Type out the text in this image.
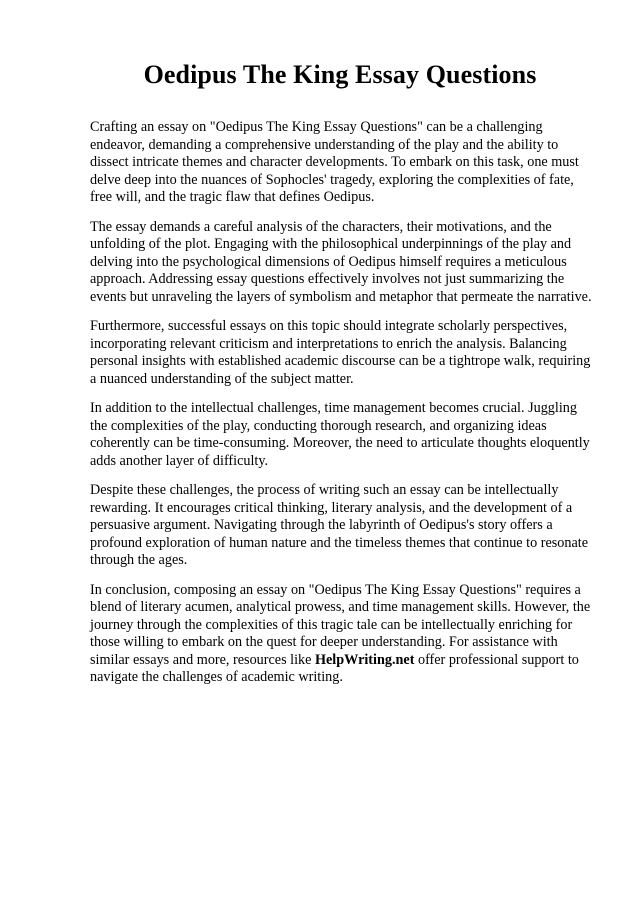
Oedipus The King Essay Questions

Crafting an essay on "Oedipus The King Essay Questions" can be a challenging endeavor, demanding a comprehensive understanding of the play and the ability to dissect intricate themes and character developments. To embark on this task, one must delve deep into the nuances of Sophocles' tragedy, exploring the complexities of fate, free will, and the tragic flaw that defines Oedipus.

The essay demands a careful analysis of the characters, their motivations, and the unfolding of the plot. Engaging with the philosophical underpinnings of the play and delving into the psychological dimensions of Oedipus himself requires a meticulous approach. Addressing essay questions effectively involves not just summarizing the events but unraveling the layers of symbolism and metaphor that permeate the narrative.

Furthermore, successful essays on this topic should integrate scholarly perspectives, incorporating relevant criticism and interpretations to enrich the analysis. Balancing personal insights with established academic discourse can be a tightrope walk, requiring a nuanced understanding of the subject matter.

In addition to the intellectual challenges, time management becomes crucial. Juggling the complexities of the play, conducting thorough research, and organizing ideas coherently can be time-consuming. Moreover, the need to articulate thoughts eloquently adds another layer of difficulty.

Despite these challenges, the process of writing such an essay can be intellectually rewarding. It encourages critical thinking, literary analysis, and the development of a persuasive argument. Navigating through the labyrinth of Oedipus's story offers a profound exploration of human nature and the timeless themes that continue to resonate through the ages.

In conclusion, composing an essay on "Oedipus The King Essay Questions" requires a blend of literary acumen, analytical prowess, and time management skills. However, the journey through the complexities of this tragic tale can be intellectually enriching for those willing to embark on the quest for deeper understanding. For assistance with similar essays and more, resources like HelpWriting.net offer professional support to navigate the challenges of academic writing.
